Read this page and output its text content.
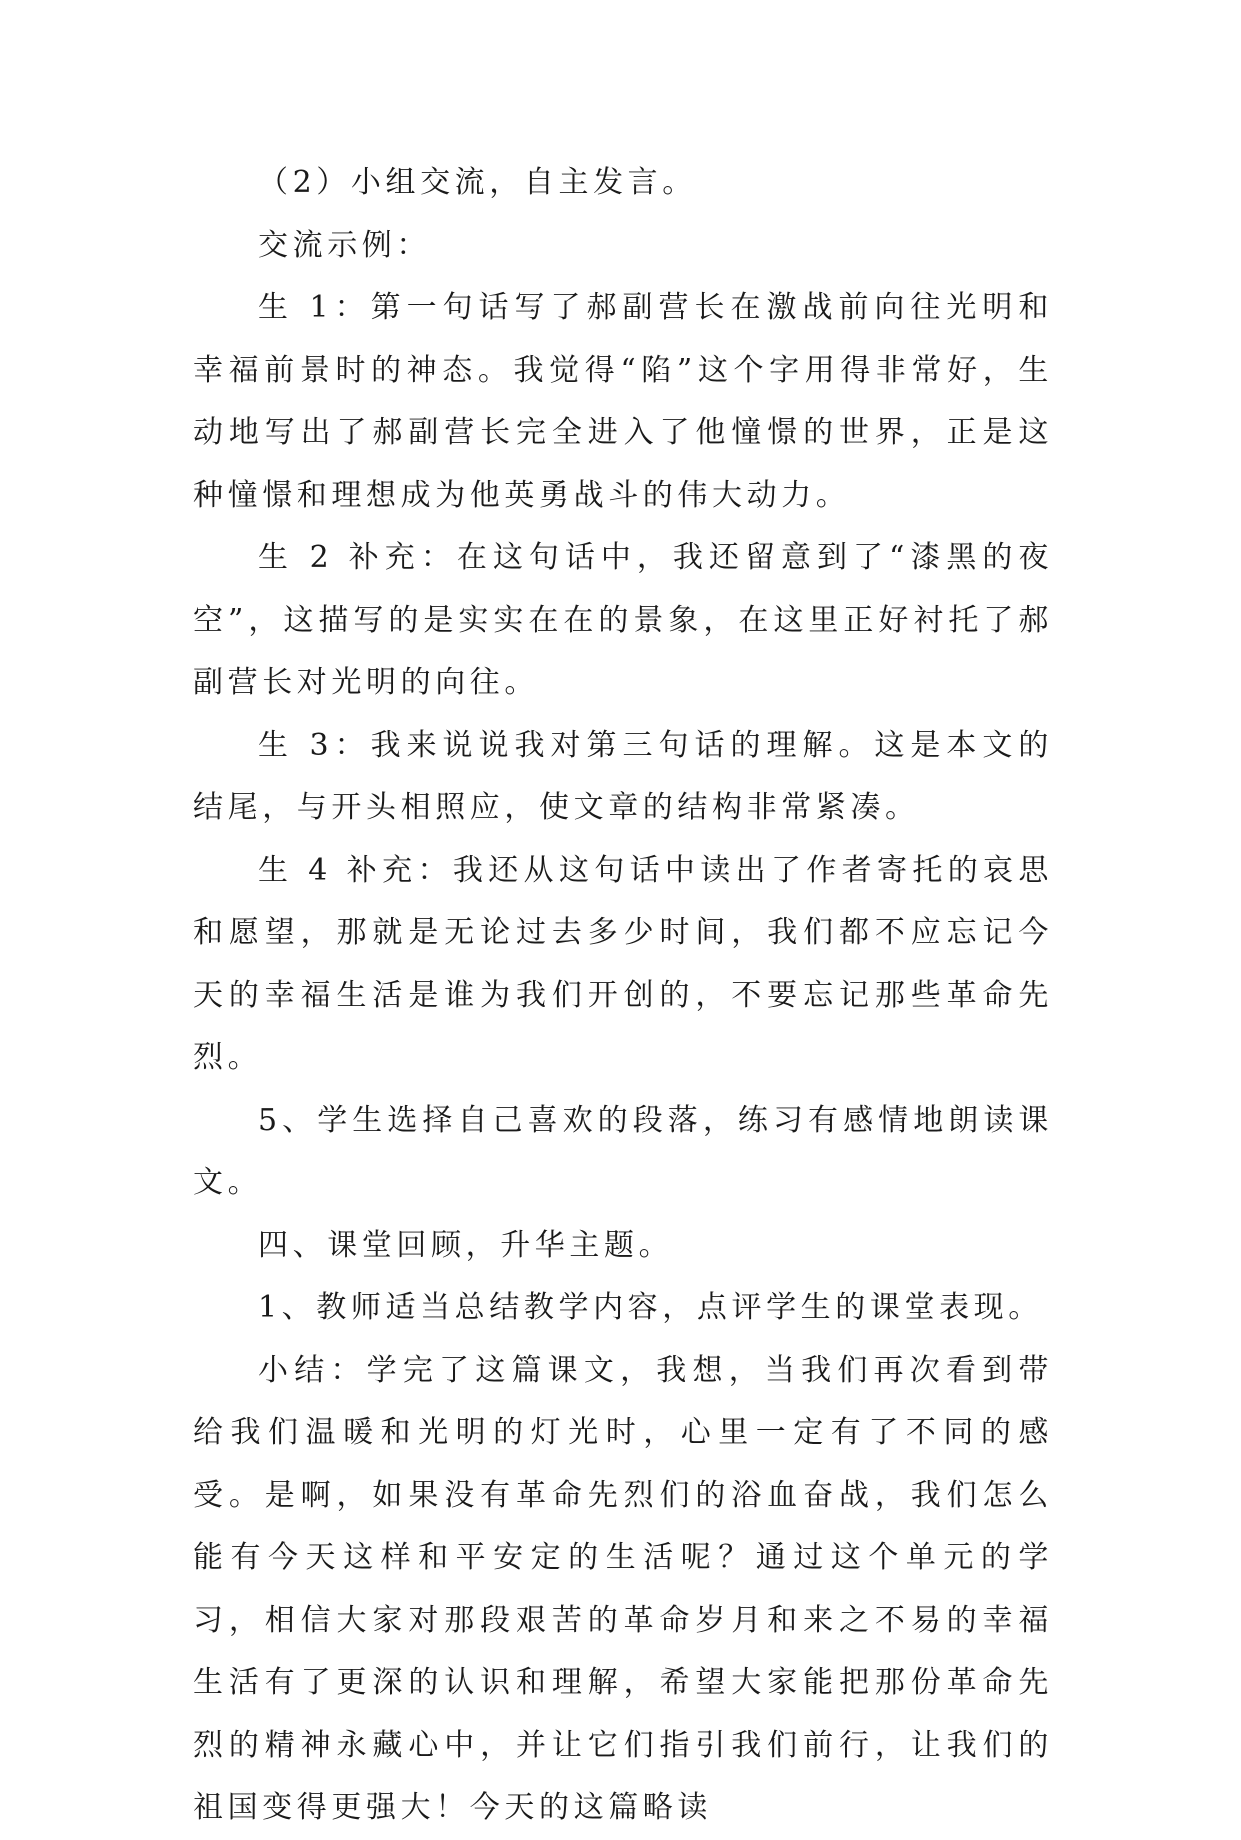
（2）小组交流，自主发言。

交流示例：

生 1：第一句话写了郝副营长在激战前向往光明和幸福前景时的神态。我觉得“陷”这个字用得非常好，生动地写出了郝副营长完全进入了他憧憬的世界，正是这种憧憬和理想成为他英勇战斗的伟大动力。

生 2 补充：在这句话中，我还留意到了“漆黑的夜空”，这描写的是实实在在的景象，在这里正好衬托了郝副营长对光明的向往。

生 3：我来说说我对第三句话的理解。这是本文的结尾，与开头相照应，使文章的结构非常紧凑。

生 4 补充：我还从这句话中读出了作者寄托的哀思和愿望，那就是无论过去多少时间，我们都不应忘记今天的幸福生活是谁为我们开创的，不要忘记那些革命先烈。

5、学生选择自己喜欢的段落，练习有感情地朗读课文。

四、课堂回顾，升华主题。

1、教师适当总结教学内容，点评学生的课堂表现。

小结：学完了这篇课文，我想，当我们再次看到带给我们温暖和光明的灯光时，心里一定有了不同的感受。是啊，如果没有革命先烈们的浴血奋战，我们怎么能有今天这样和平安定的生活呢？通过这个单元的学习，相信大家对那段艰苦的革命岁月和来之不易的幸福生活有了更深的认识和理解，希望大家能把那份革命先烈的精神永藏心中，并让它们指引我们前行，让我们的祖国变得更强大！今天的这篇略读
